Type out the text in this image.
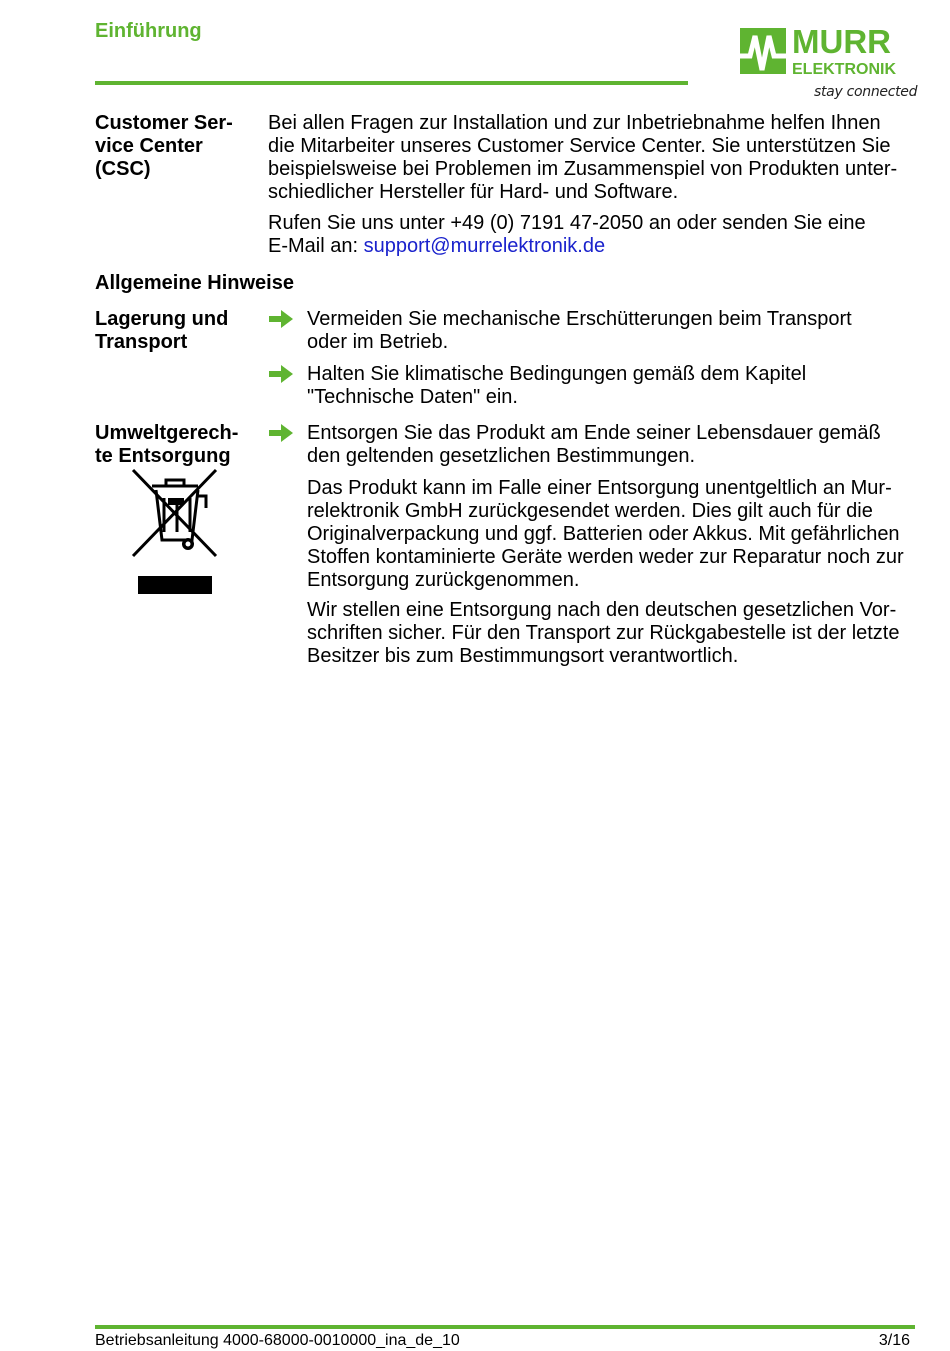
Einführung	MURR
ELEKTRONIK
stay connected
Customer Ser-
vice Center
(CSC)
Bei allen Fragen zur Installation und zur Inbetriebnahme helfen Ihnen
die Mitarbeiter unseres Customer Service Center. Sie unterstützen Sie
beispielsweise bei Problemen im Zusammenspiel von Produkten unter-
schiedlicher Hersteller für Hard- und Software.
Rufen Sie uns unter +49 (0) 7191 47-2050 an oder senden Sie eine
E-Mail an: support@murrelektronik.de
Allgemeine Hinweise
Lagerung und
Transport
Vermeiden Sie mechanische Erschütterungen beim Transport
oder im Betrieb.
Halten Sie klimatische Bedingungen gemäß dem Kapitel
"Technische Daten" ein.
Umweltgerech-
te Entsorgung
Entsorgen Sie das Produkt am Ende seiner Lebensdauer gemäß
den geltenden gesetzlichen Bestimmungen.
Das Produkt kann im Falle einer Entsorgung unentgeltlich an Mur-
relektronik GmbH zurückgesendet werden. Dies gilt auch für die
Originalverpackung und ggf. Batterien oder Akkus. Mit gefährlichen
Stoffen kontaminierte Geräte werden weder zur Reparatur noch zur
Entsorgung zurückgenommen.
Wir stellen eine Entsorgung nach den deutschen gesetzlichen Vor-
schriften sicher. Für den Transport zur Rückgabestelle ist der letzte
Besitzer bis zum Bestimmungsort verantwortlich.
Betriebsanleitung 4000-68000-0010000_ina_de_10	3/16
